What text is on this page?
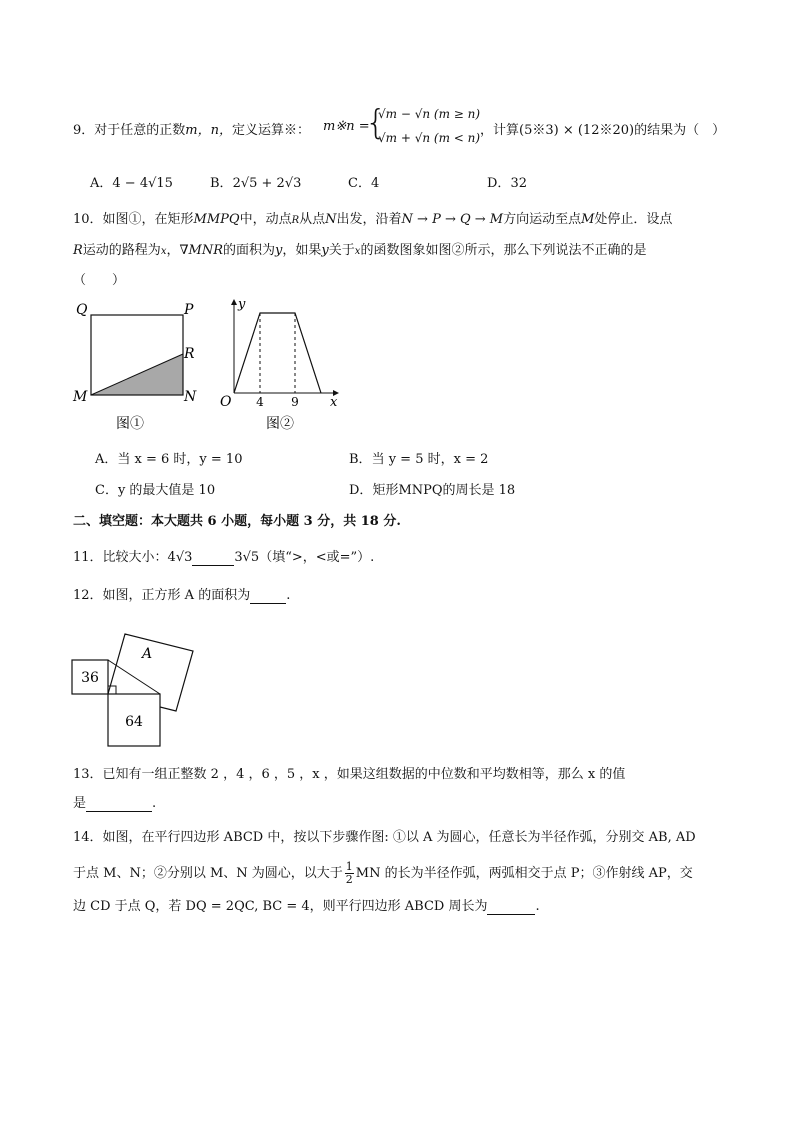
9．对于任意的正数m，n，定义运算※： m※n =
{
√m − √n (m ≥ n)
√m + √n (m < n) ，计算(5※3) × (12※20)的结果为（　）
A．4 − 4√15	B．2√5 + 2√3	C．4	D．32
10．如图①，在矩形MMPQ中，动点R从点N出发，沿着N → P → Q → M方向运动至点M处停止．设点
R运动的路程为x，∇MNR的面积为y，如果y关于x的函数图象如图②所示，那么下列说法不正确的是
（　　）
Q	P
R
M	N
图①
y
x
O 4 9
图②
A．当 x = 6 时，y = 10	B．当 y = 5 时，x = 2
C．y 的最大值是 10	D．矩形MNPQ的周长是 18
二、填空题：本大题共 6 小题，每小题 3 分，共 18 分.
11．比较大小：4√3	3√5（填“>，<或=”）.
12．如图，正方形 A 的面积为	.
36
64
A
13．已知有一组正整数 2 ，4 ，6 ，5 ，x ，如果这组数据的中位数和平均数相等，那么 x 的值
是	.
14．如图，在平行四边形 ABCD 中，按以下步骤作图: ①以 A 为圆心，任意长为半径作弧，分别交 AB, AD
于点 M、N；②分别以 M、N 为圆心，以大于 $\frac{1}{2}$ MN 的长为半径作弧，两弧相交于点 P；③作射线 AP，交
边 CD 于点 Q，若 DQ = 2QC, BC = 4，则平行四边形 ABCD 周长为	.
